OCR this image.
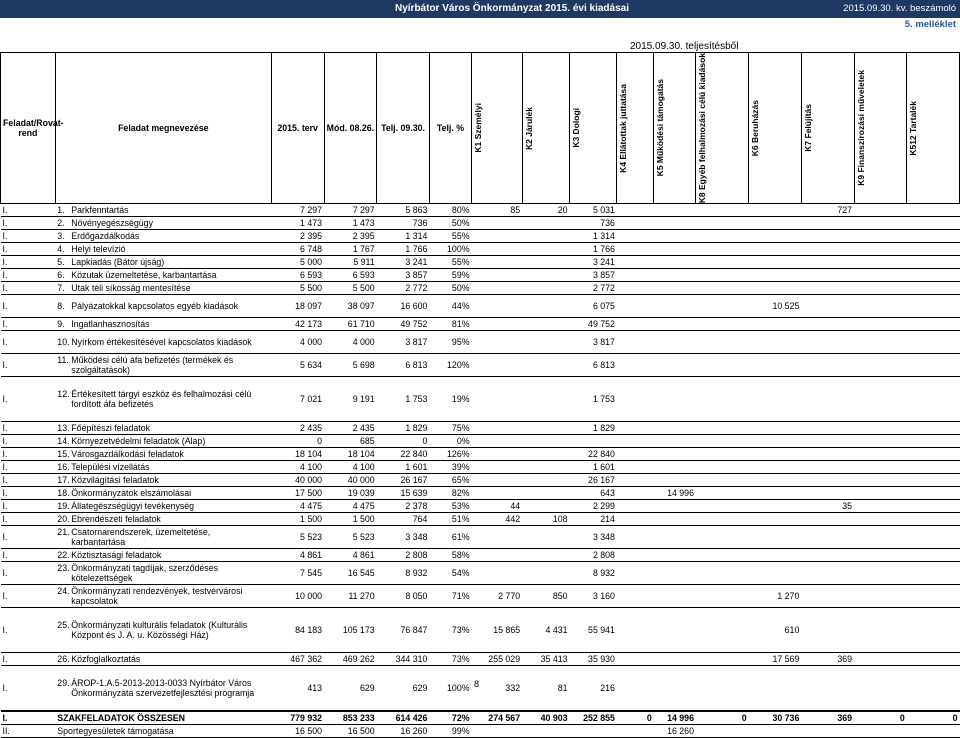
Nyírbátor Város Önkormányzat 2015. évi kiadásai	2015.09.30. kv. beszámoló
5. melléklet
2015.09.30. teljesítésből
Feladat/Rovat-rend	Feladat megnevezése	2015. terv	Mód. 08.26.	Telj. 09.30.	Telj. %	K1 Személyi	K2 Járulék	K3 Dologi	K4 Ellátottak juttatása	K5 Működési támogatás	K8 Egyéb felhalmozási célú kiadások	K6 Beruházás	K7 Felújítás	K9 Finanszírozási műveletek	K512 Tartalék

I.	1. Parkfenntartás	7 297	7 297	5 863	80%	85	20	5 031					727		
I.	2. Növényegészségügy	1 473	1 473	736	50%			736							
I.	3. Erdőgazdálkodás	2 395	2 395	1 314	55%			1 314							
I.	4. Helyi televízió	6 748	1 767	1 766	100%			1 766							
I.	5. Lapkiadás (Bátor újság)	5 000	5 911	3 241	55%			3 241							
I.	6. Közutak üzemeltetése, karbantartása	6 593	6 593	3 857	59%			3 857							
I.	7. Utak téli síkosság mentesítése	5 500	5 500	2 772	50%			2 772							
I.	8. Pályázatokkal kapcsolatos egyéb kiadások	18 097	38 097	16 600	44%			6 075				10 525			
I.	9. Ingatlanhasznosítás	42 173	61 710	49 752	81%			49 752							
I.	10. Nyírkom értékesítésével kapcsolatos kiadások	4 000	4 000	3 817	95%			3 817							
I.	11. Működési célú áfa befizetés (termékek és szolgáltatások)	5 634	5 698	6 813	120%			6 813							
I.	12. Értékesített tárgyi eszköz és felhalmozási célú fordított áfa befizetés	7 021	9 191	1 753	19%			1 753							
I.	13. Főépítészi feladatok	2 435	2 435	1 829	75%			1 829							
I.	14. Környezetvédelmi feladatok (Alap)	0	685	0	0%										
I.	15. Városgazdálkodási feladatok	18 104	18 104	22 840	126%			22 840							
I.	16. Települési vízellátás	4 100	4 100	1 601	39%			1 601							
I.	17. Közvilágítási feladatok	40 000	40 000	26 167	65%			26 167							
I.	18. Önkormányzatok elszámolásai	17 500	19 039	15 639	82%			643		14 996					
I.	19. Állategészségügyi tevékenység	4 475	4 475	2 378	53%	44		2 299					35		
I.	20. Ebrendészeti feladatok	1 500	1 500	764	51%	442	108	214							
I.	21. Csatornarendszerek, üzemeltetése, karbantartása	5 523	5 523	3 348	61%			3 348							
I.	22. Köztisztasági feladatok	4 861	4 861	2 808	58%			2 808							
I.	23. Önkormányzati tagdíjak, szerződéses kötelezettségek	7 545	16 545	8 932	54%			8 932							
I.	24. Önkormányzati rendezvények, testvérvárosi kapcsolatok	10 000	11 270	8 050	71%	2 770	850	3 160				1 270			
I.	25. Önkormányzati kulturális feladatok (Kulturális Központ és J. A. u. Közösségi Ház)	84 183	105 173	76 847	73%	15 865	4 431	55 941				610			
I.	26. Közfoglalkoztatás	467 362	469 262	344 310	73%	255 029	35 413	35 930				17 569	369		
I.	29. ÁROP-1.A.5-2013-2013-0033 Nyírbátor Város Önkormányzata szervezetfejlesztési programja	413	629	629	100%	332	81	216							
I.	SZAKFELADATOK ÖSSZESEN	779 932	853 233	614 426	72%	274 567	40 903	252 855	0	14 996	0	30 736	369	0	0
II.	Sportegyesületek támogatása	16 500	16 500	16 260	99%					16 260					
8
